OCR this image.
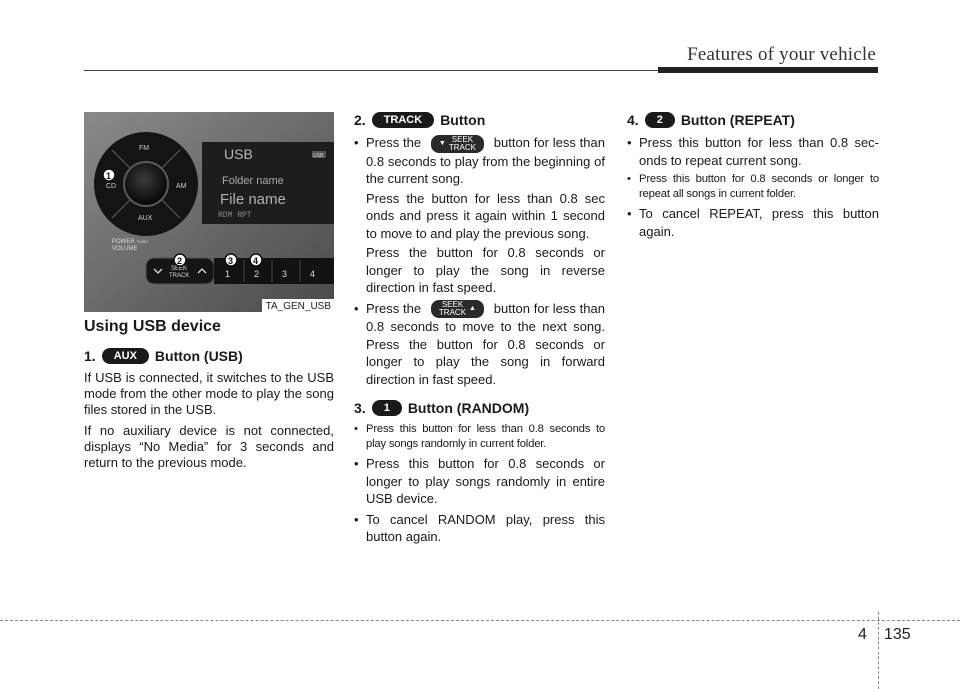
Features of your vehicle
USB	USB
Folder name
File name
RDM RPT
FM
CD	AM
AUX
POWER PUSH
VOLUME
SEEK
TRACK	1	2	3	4
1
2	3 4
TA_GEN_USB
Using USB device
1.	AUX	Button (USB)

If USB is connected, it switches to the USB mode from the other mode to play the song files stored in the USB.

If no auxiliary device is not connected, displays “No Media” for 3 seconds and return to the previous mode.

2.	TRACK	Button
• Press the	▼ SEEK
TRACK button for less than 0.8 seconds to play from the beginning of the current song.
Press the button for less than 0.8 sec onds and press it again within 1 second to move to and play the previous song.
Press the button for 0.8 seconds or longer to play the song in reverse direction in fast speed.
• Press the	SEEK
TRACK ▲ button for less than 0.8 seconds to move to the next song. Press the button for 0.8 seconds or longer to play the song in forward direction in fast speed.
3.	1	Button (RANDOM)
• Press this button for less than 0.8 seconds to play songs randomly in current folder.
• Press this button for 0.8 seconds or longer to play songs randomly in entire USB device.
• To cancel RANDOM play, press this button again.
4.	2	Button (REPEAT)
• Press this button for less than 0.8 sec- onds to repeat current song.
• Press this button for 0.8 seconds or longer to repeat all songs in current folder.
• To cancel REPEAT, press this button again.
4 135
